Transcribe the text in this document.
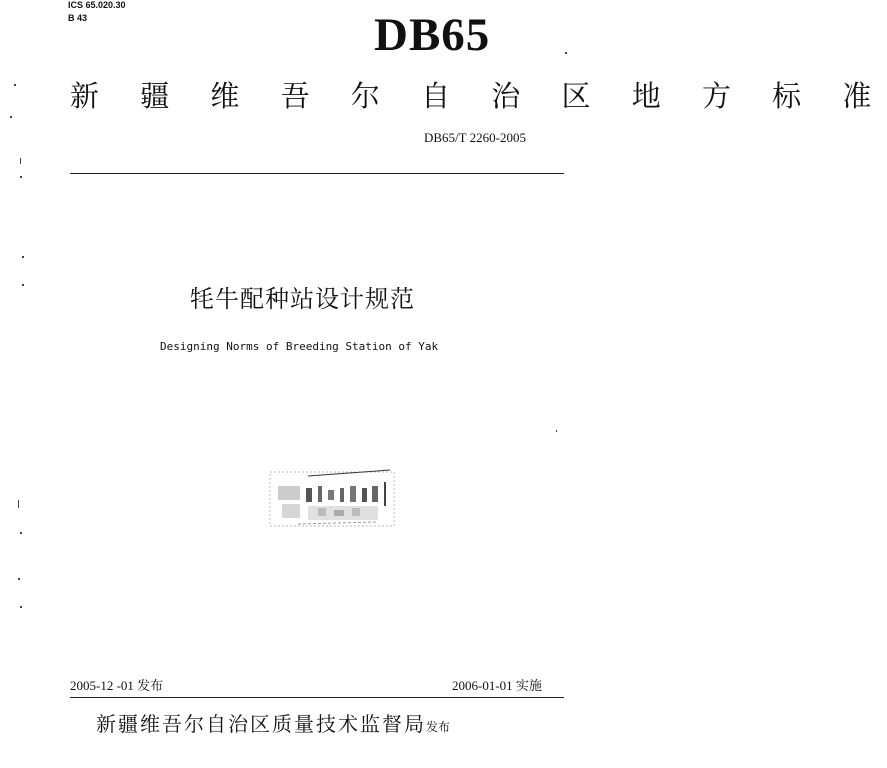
ICS 65.020.30
B 43	DB65
新 疆 维 吾 尔 自 治 区 地 方 标 准
DB65/T 2260-2005
牦牛配种站设计规范
Designing Norms of Breeding Station of Yak
2005-12 -01 发布	2006-01-01 实施
新疆维吾尔自治区质量技术监督局发布
